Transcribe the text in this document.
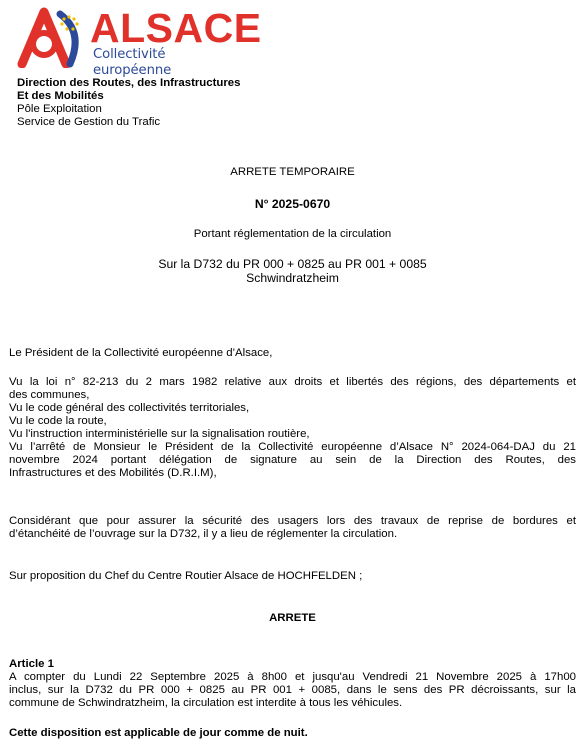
ALSACE
Collectivité européenne
Direction des Routes, des Infrastructures
Et des Mobilités
Pôle Exploitation
Service de Gestion du Trafic
ARRETE TEMPORAIRE
N° 2025-0670
Portant réglementation de la circulation
Sur la D732 du PR 000 + 0825 au PR 001 + 0085
Schwindratzheim
Le Président de la Collectivité européenne d’Alsace,
Vu la loi n° 82-213 du 2 mars 1982 relative aux droits et libertés des régions, des départements et
des communes,
Vu le code général des collectivités territoriales,
Vu le code la route,
Vu l'instruction interministérielle sur la signalisation routière,
Vu l’arrêté de Monsieur le Président de la Collectivité européenne d’Alsace N° 2024-064-DAJ du 21
novembre 2024 portant délégation de signature au sein de la Direction des Routes, des
Infrastructures et des Mobilités (D.R.I.M),
Considérant que pour assurer la sécurité des usagers lors des travaux de reprise de bordures et
d’étanchéité de l’ouvrage sur la D732, il y a lieu de réglementer la circulation.
Sur proposition du Chef du Centre Routier Alsace de HOCHFELDEN ;
ARRETE
Article 1
A compter du Lundi 22 Septembre 2025 à 8h00 et jusqu'au Vendredi 21 Novembre 2025 à 17h00
inclus, sur la D732 du PR 000 + 0825 au PR 001 + 0085, dans le sens des PR décroissants, sur la
commune de Schwindratzheim, la circulation est interdite à tous les véhicules.
Cette disposition est applicable de jour comme de nuit.
